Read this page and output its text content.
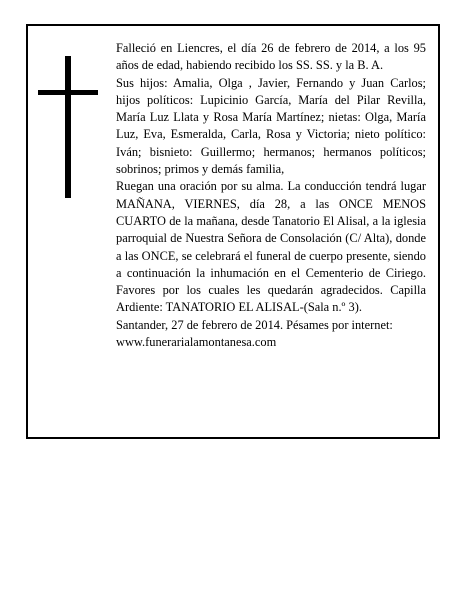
Falleció en Liencres, el día 26 de febrero de 2014, a los 95 años de edad, habiendo recibido los SS. SS. y la B. A.

Sus hijos: Amalia, Olga , Javier, Fernando y Juan Carlos; hijos políticos: Lupicinio García, María del Pilar Revilla, María Luz Llata y Rosa María Martínez; nietas: Olga, María Luz, Eva, Esmeralda, Carla, Rosa y Victoria; nieto político: Iván; bisnieto: Guillermo; hermanos; hermanos políticos; sobrinos; primos y demás familia,

Ruegan una oración por su alma. La conducción tendrá lugar MAÑANA, VIERNES, día 28, a las ONCE MENOS CUARTO de la mañana, desde Tanatorio El Alisal, a la iglesia parroquial de Nuestra Señora de Consolación (C/ Alta), donde a las ONCE, se celebrará el funeral de cuerpo presente, siendo a continuación la inhumación en el Cementerio de Ciriego. Favores por los cuales les quedarán agradecidos. Capilla Ardiente: TANATORIO EL ALISAL-(Sala n.º 3).

Santander, 27 de febrero de 2014. Pésames por internet: www.funerarialamontanesa.com
